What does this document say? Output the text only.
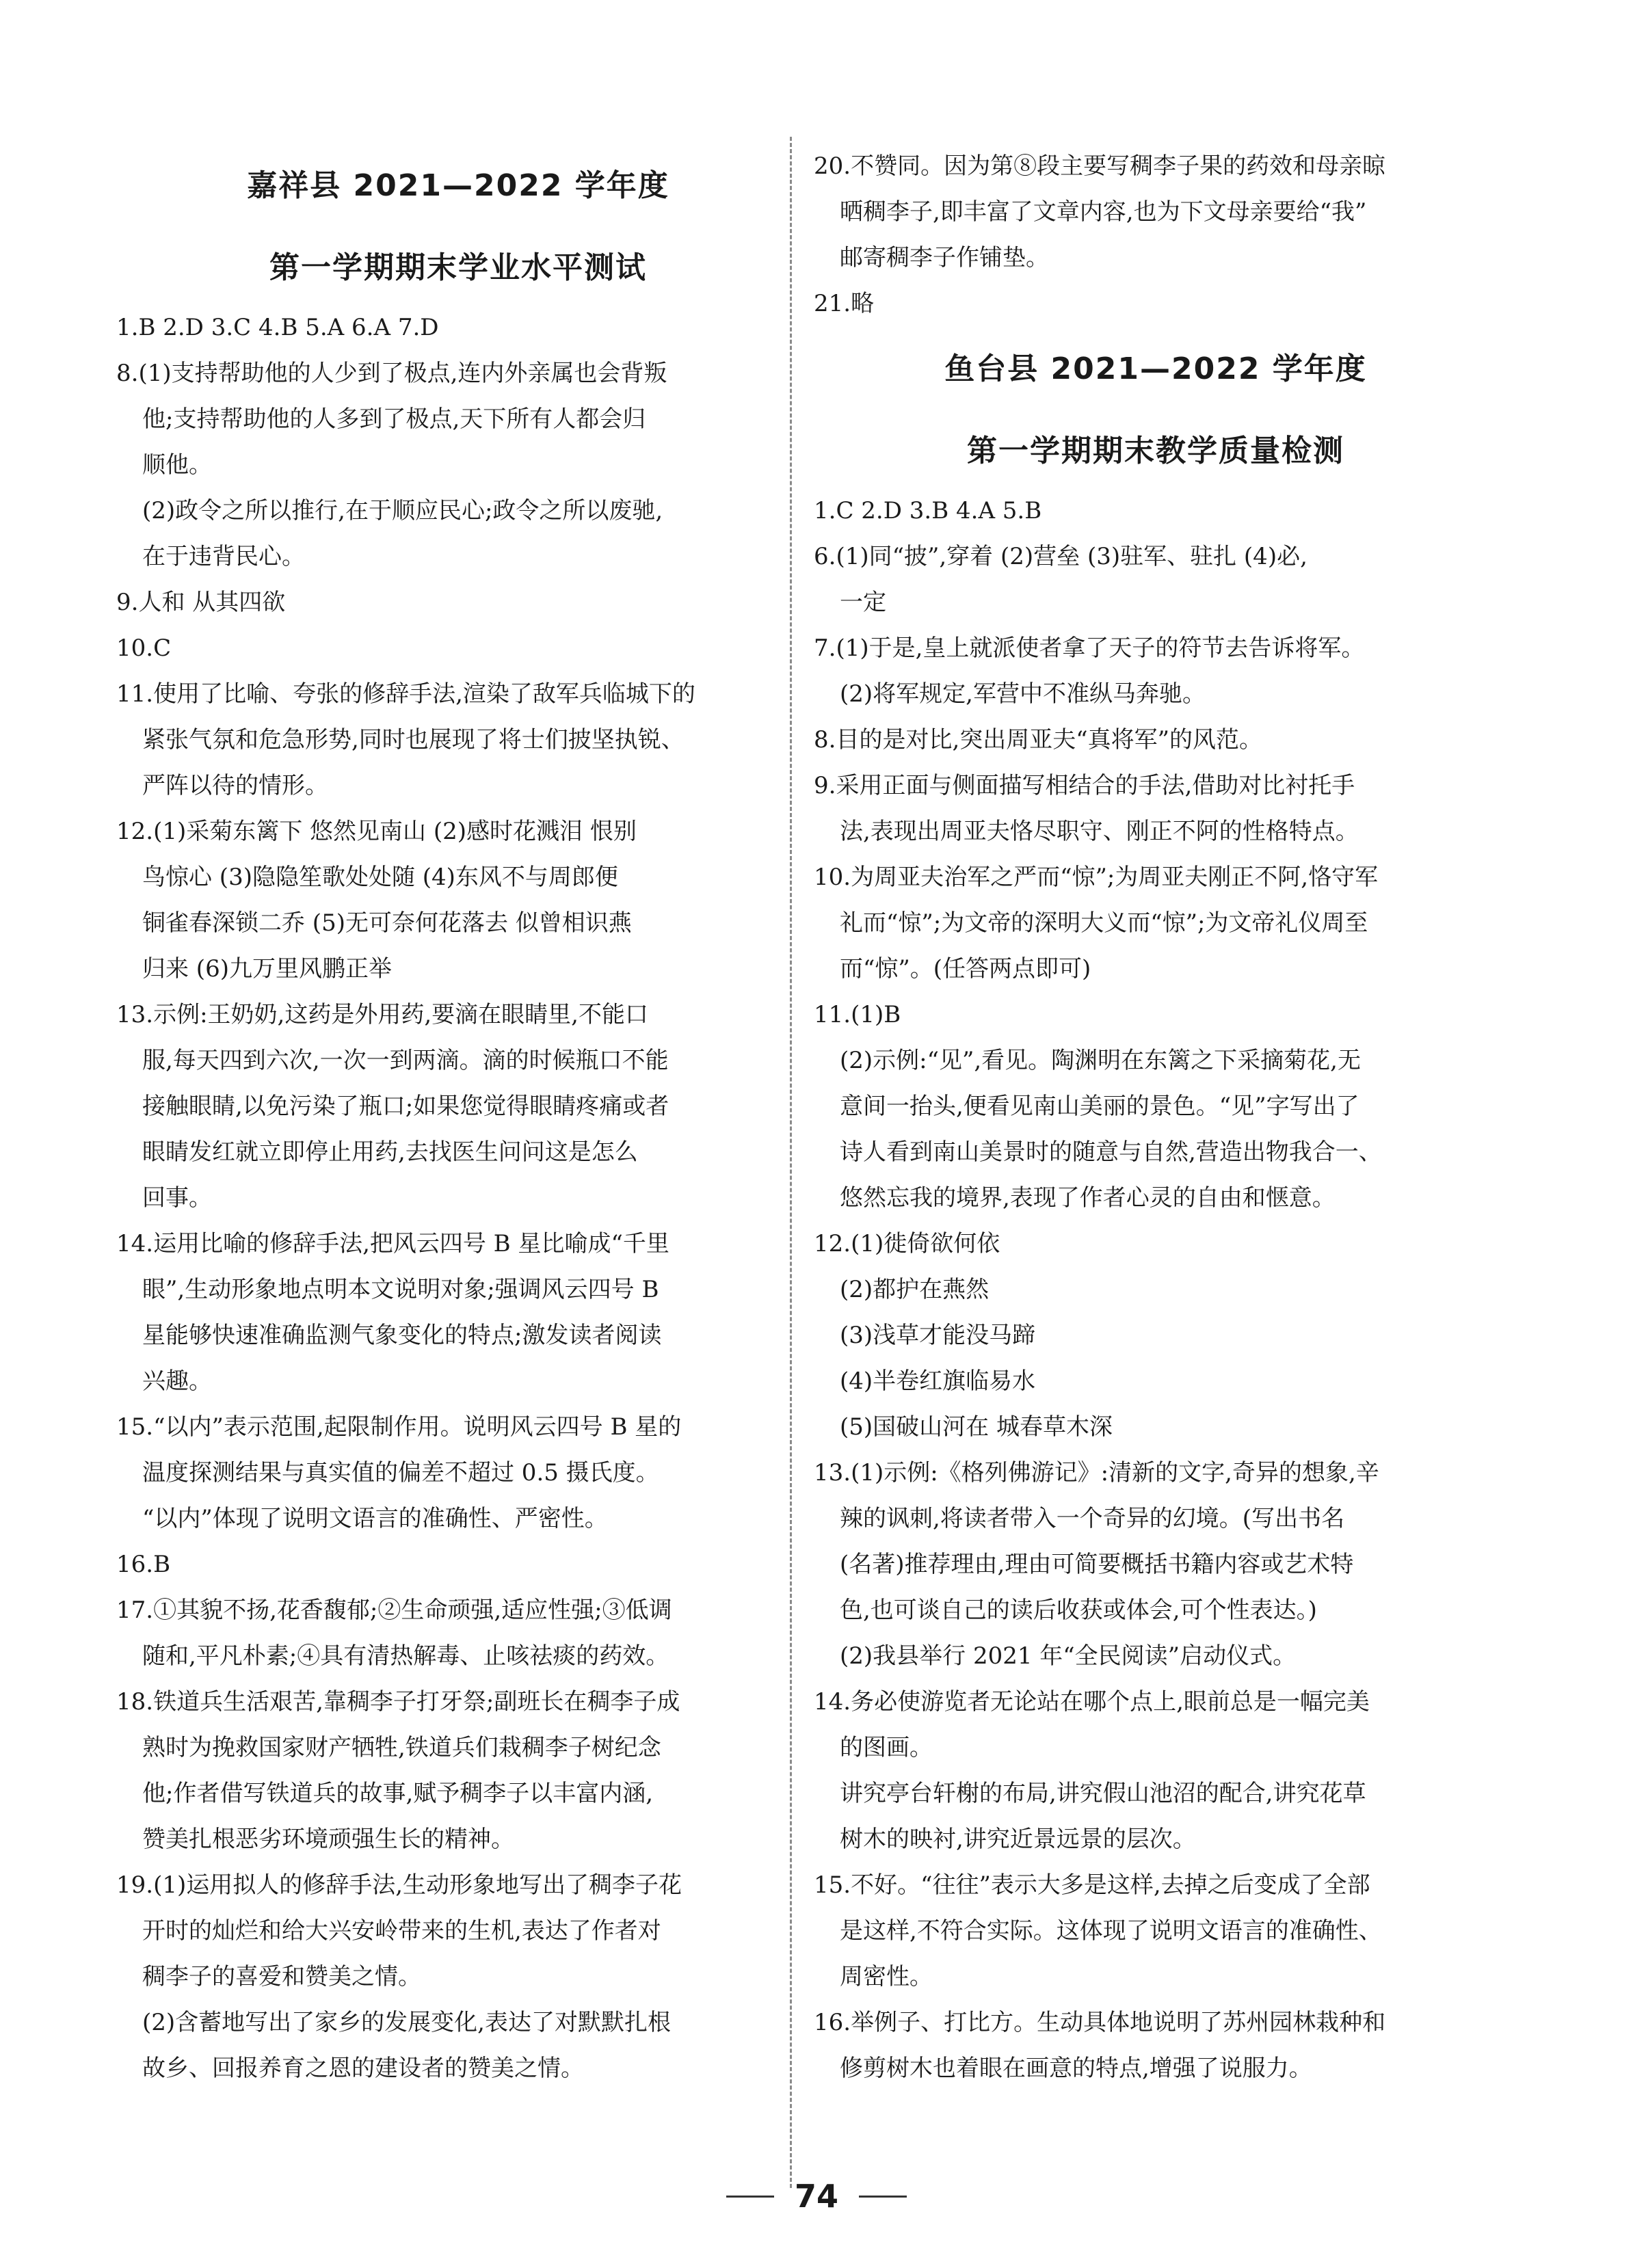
嘉祥县 2021—2022 学年度
第一学期期末学业水平测试
1.B 2.D 3.C 4.B 5.A 6.A 7.D
8.(1)支持帮助他的人少到了极点,连内外亲属也会背叛
他;支持帮助他的人多到了极点,天下所有人都会归
顺他。
(2)政令之所以推行,在于顺应民心;政令之所以废驰,
在于违背民心。
9.人和 从其四欲
10.C
11.使用了比喻、夸张的修辞手法,渲染了敌军兵临城下的
紧张气氛和危急形势,同时也展现了将士们披坚执锐、
严阵以待的情形。
12.(1)采菊东篱下 悠然见南山 (2)感时花溅泪 恨别
鸟惊心 (3)隐隐笙歌处处随 (4)东风不与周郎便
铜雀春深锁二乔 (5)无可奈何花落去 似曾相识燕
归来 (6)九万里风鹏正举
13.示例:王奶奶,这药是外用药,要滴在眼睛里,不能口
服,每天四到六次,一次一到两滴。滴的时候瓶口不能
接触眼睛,以免污染了瓶口;如果您觉得眼睛疼痛或者
眼睛发红就立即停止用药,去找医生问问这是怎么
回事。
14.运用比喻的修辞手法,把风云四号 B 星比喻成“千里
眼”,生动形象地点明本文说明对象;强调风云四号 B
星能够快速准确监测气象变化的特点;激发读者阅读
兴趣。
15.“以内”表示范围,起限制作用。说明风云四号 B 星的
温度探测结果与真实值的偏差不超过 0.5 摄氏度。
“以内”体现了说明文语言的准确性、严密性。
16.B
17.①其貌不扬,花香馥郁;②生命顽强,适应性强;③低调
随和,平凡朴素;④具有清热解毒、止咳祛痰的药效。
18.铁道兵生活艰苦,靠稠李子打牙祭;副班长在稠李子成
熟时为挽救国家财产牺牲,铁道兵们栽稠李子树纪念
他;作者借写铁道兵的故事,赋予稠李子以丰富内涵,
赞美扎根恶劣环境顽强生长的精神。
19.(1)运用拟人的修辞手法,生动形象地写出了稠李子花
开时的灿烂和给大兴安岭带来的生机,表达了作者对
稠李子的喜爱和赞美之情。
(2)含蓄地写出了家乡的发展变化,表达了对默默扎根
故乡、回报养育之恩的建设者的赞美之情。
20.不赞同。因为第⑧段主要写稠李子果的药效和母亲晾
晒稠李子,即丰富了文章内容,也为下文母亲要给“我”
邮寄稠李子作铺垫。
21.略
鱼台县 2021—2022 学年度
第一学期期末教学质量检测
1.C 2.D 3.B 4.A 5.B
6.(1)同“披”,穿着 (2)营垒 (3)驻军、驻扎 (4)必,
一定
7.(1)于是,皇上就派使者拿了天子的符节去告诉将军。
(2)将军规定,军营中不准纵马奔驰。
8.目的是对比,突出周亚夫“真将军”的风范。
9.采用正面与侧面描写相结合的手法,借助对比衬托手
法,表现出周亚夫恪尽职守、刚正不阿的性格特点。
10.为周亚夫治军之严而“惊”;为周亚夫刚正不阿,恪守军
礼而“惊”;为文帝的深明大义而“惊”;为文帝礼仪周至
而“惊”。(任答两点即可)
11.(1)B
(2)示例:“见”,看见。陶渊明在东篱之下采摘菊花,无
意间一抬头,便看见南山美丽的景色。“见”字写出了
诗人看到南山美景时的随意与自然,营造出物我合一、
悠然忘我的境界,表现了作者心灵的自由和惬意。
12.(1)徙倚欲何依
(2)都护在燕然
(3)浅草才能没马蹄
(4)半卷红旗临易水
(5)国破山河在 城春草木深
13.(1)示例:《格列佛游记》:清新的文字,奇异的想象,辛
辣的讽刺,将读者带入一个奇异的幻境。(写出书名
(名著)推荐理由,理由可简要概括书籍内容或艺术特
色,也可谈自己的读后收获或体会,可个性表达。)
(2)我县举行 2021 年“全民阅读”启动仪式。
14.务必使游览者无论站在哪个点上,眼前总是一幅完美
的图画。
讲究亭台轩榭的布局,讲究假山池沼的配合,讲究花草
树木的映衬,讲究近景远景的层次。
15.不好。“往往”表示大多是这样,去掉之后变成了全部
是这样,不符合实际。这体现了说明文语言的准确性、
周密性。
16.举例子、打比方。生动具体地说明了苏州园林栽种和
修剪树木也着眼在画意的特点,增强了说服力。
74
